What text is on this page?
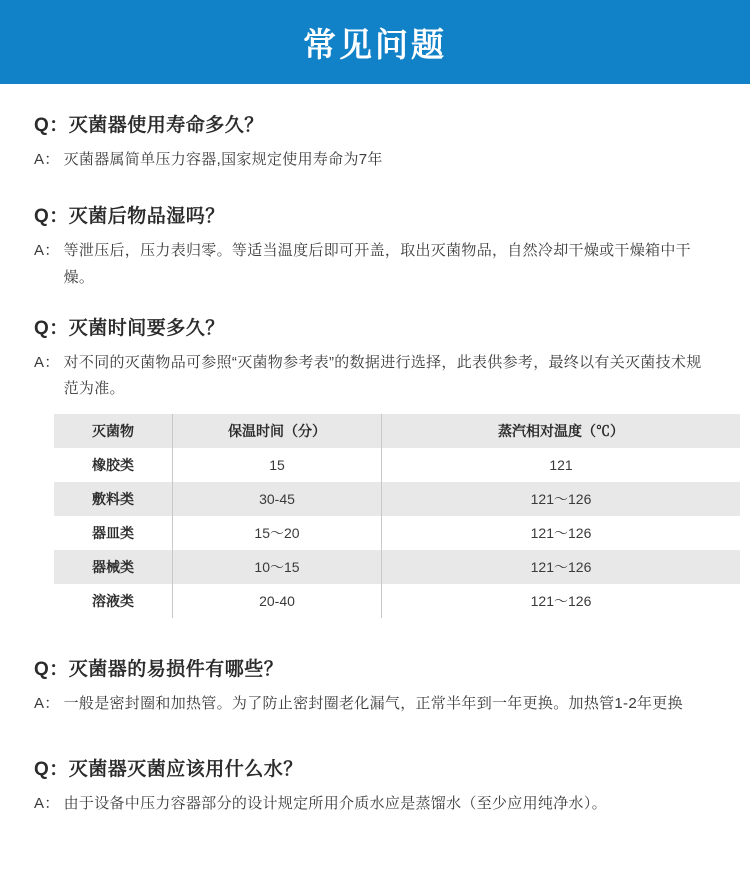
常见问题
Q：灭菌器使用寿命多久？
A： 灭菌器属简单压力容器,国家规定使用寿命为7年
Q：灭菌后物品湿吗？
A： 等泄压后，压力表归零。等适当温度后即可开盖，取出灭菌物品，自然冷却干燥或干燥箱中干燥。
Q：灭菌时间要多久？
A： 对不同的灭菌物品可参照“灭菌物参考表”的数据进行选择，此表供参考，最终以有关灭菌技术规范为准。
灭菌物	保温时间（分）	蒸汽相对温度（℃）
橡胶类	15	121
敷料类	30-45	121～126
器皿类	15～20	121～126
器械类	10～15	121～126
溶液类	20-40	121～126
Q：灭菌器的易损件有哪些？
A： 一般是密封圈和加热管。为了防止密封圈老化漏气，正常半年到一年更换。加热管1-2年更换
Q：灭菌器灭菌应该用什么水？
A： 由于设备中压力容器部分的设计规定所用介质水应是蒸馏水（至少应用纯净水）。
